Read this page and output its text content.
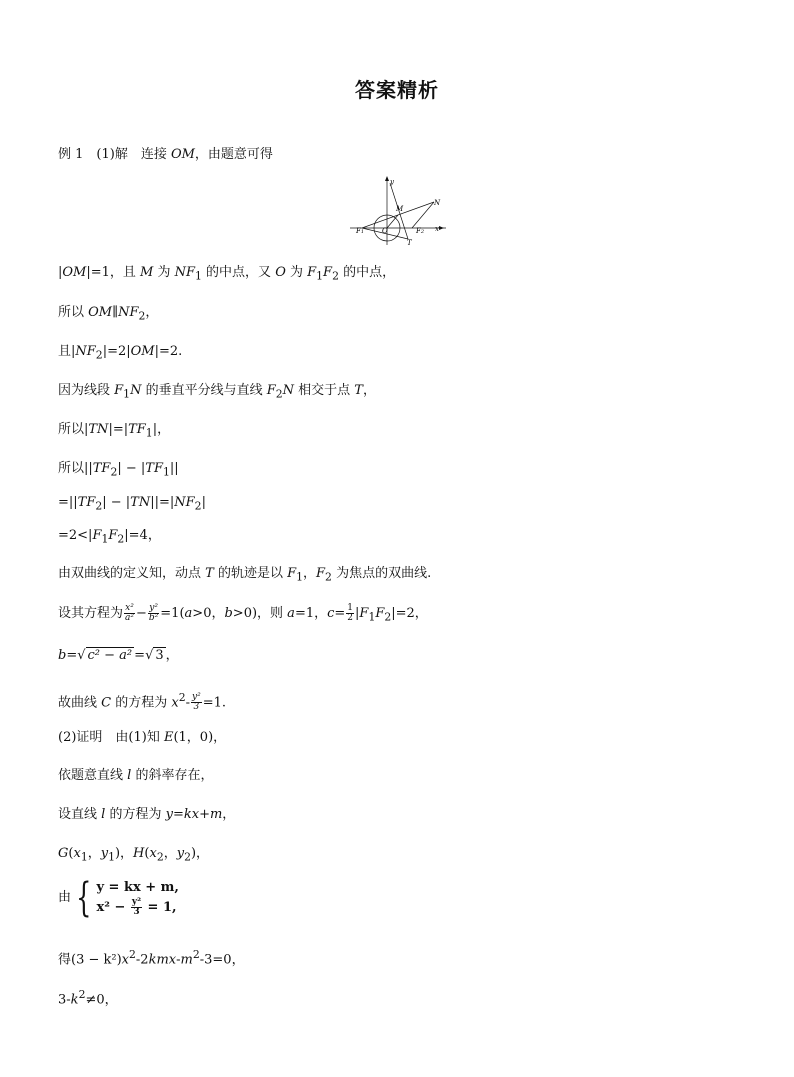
答案精析
例 1　(1)解　连接 OM，由题意可得
y
x
M
N
O
F1	F2
T
|OM|=1，且 M 为 $NF_1$ 的中点，又 O 为 $F_1F_2$ 的中点，
所以 $OM\parallel NF_2$，
且$|NF_2|=2|OM|=2$.
因为线段 $F_1N$ 的垂直平分线与直线 $F_2N$ 相交于点 T，
所以$|TN|=|TF_1|$，
所以$||TF_2| - |TF_1||$
$=||TF_2| - |TN||=|NF_2|$
$=2<|F_1F_2|=4$，
由双曲线的定义知，动点 T 的轨迹是以 $F_1$，$F_2$ 为焦点的双曲线.
设其方程为 $\frac{\text{x²}}{\text{a²}} - \frac{\text{y²}}{\text{b²}} =1(a>0$，b>0)，则 a=1，$c= \frac{1}{2} |F_1F_2|=2$，
b=√ c² − a² =√ 3 ，
故曲线 C 的方程为 $x^2- \frac{\text{y²}}{3} =1$.
(2)证明　由(1)知 E(1，0)，
依题意直线 l 的斜率存在，
设直线 l 的方程为 y=kx+m，
$G(x_1$，$y_1$)，$H(x_2$，$y_2$)，
由 { y = kx + m,
$x^2 - \frac{\text{y²}}{3} = 1$,
得$(3 - k^2)x^2-2kmx-m^2-3=0$，
$3-k^2\ne 0$，
